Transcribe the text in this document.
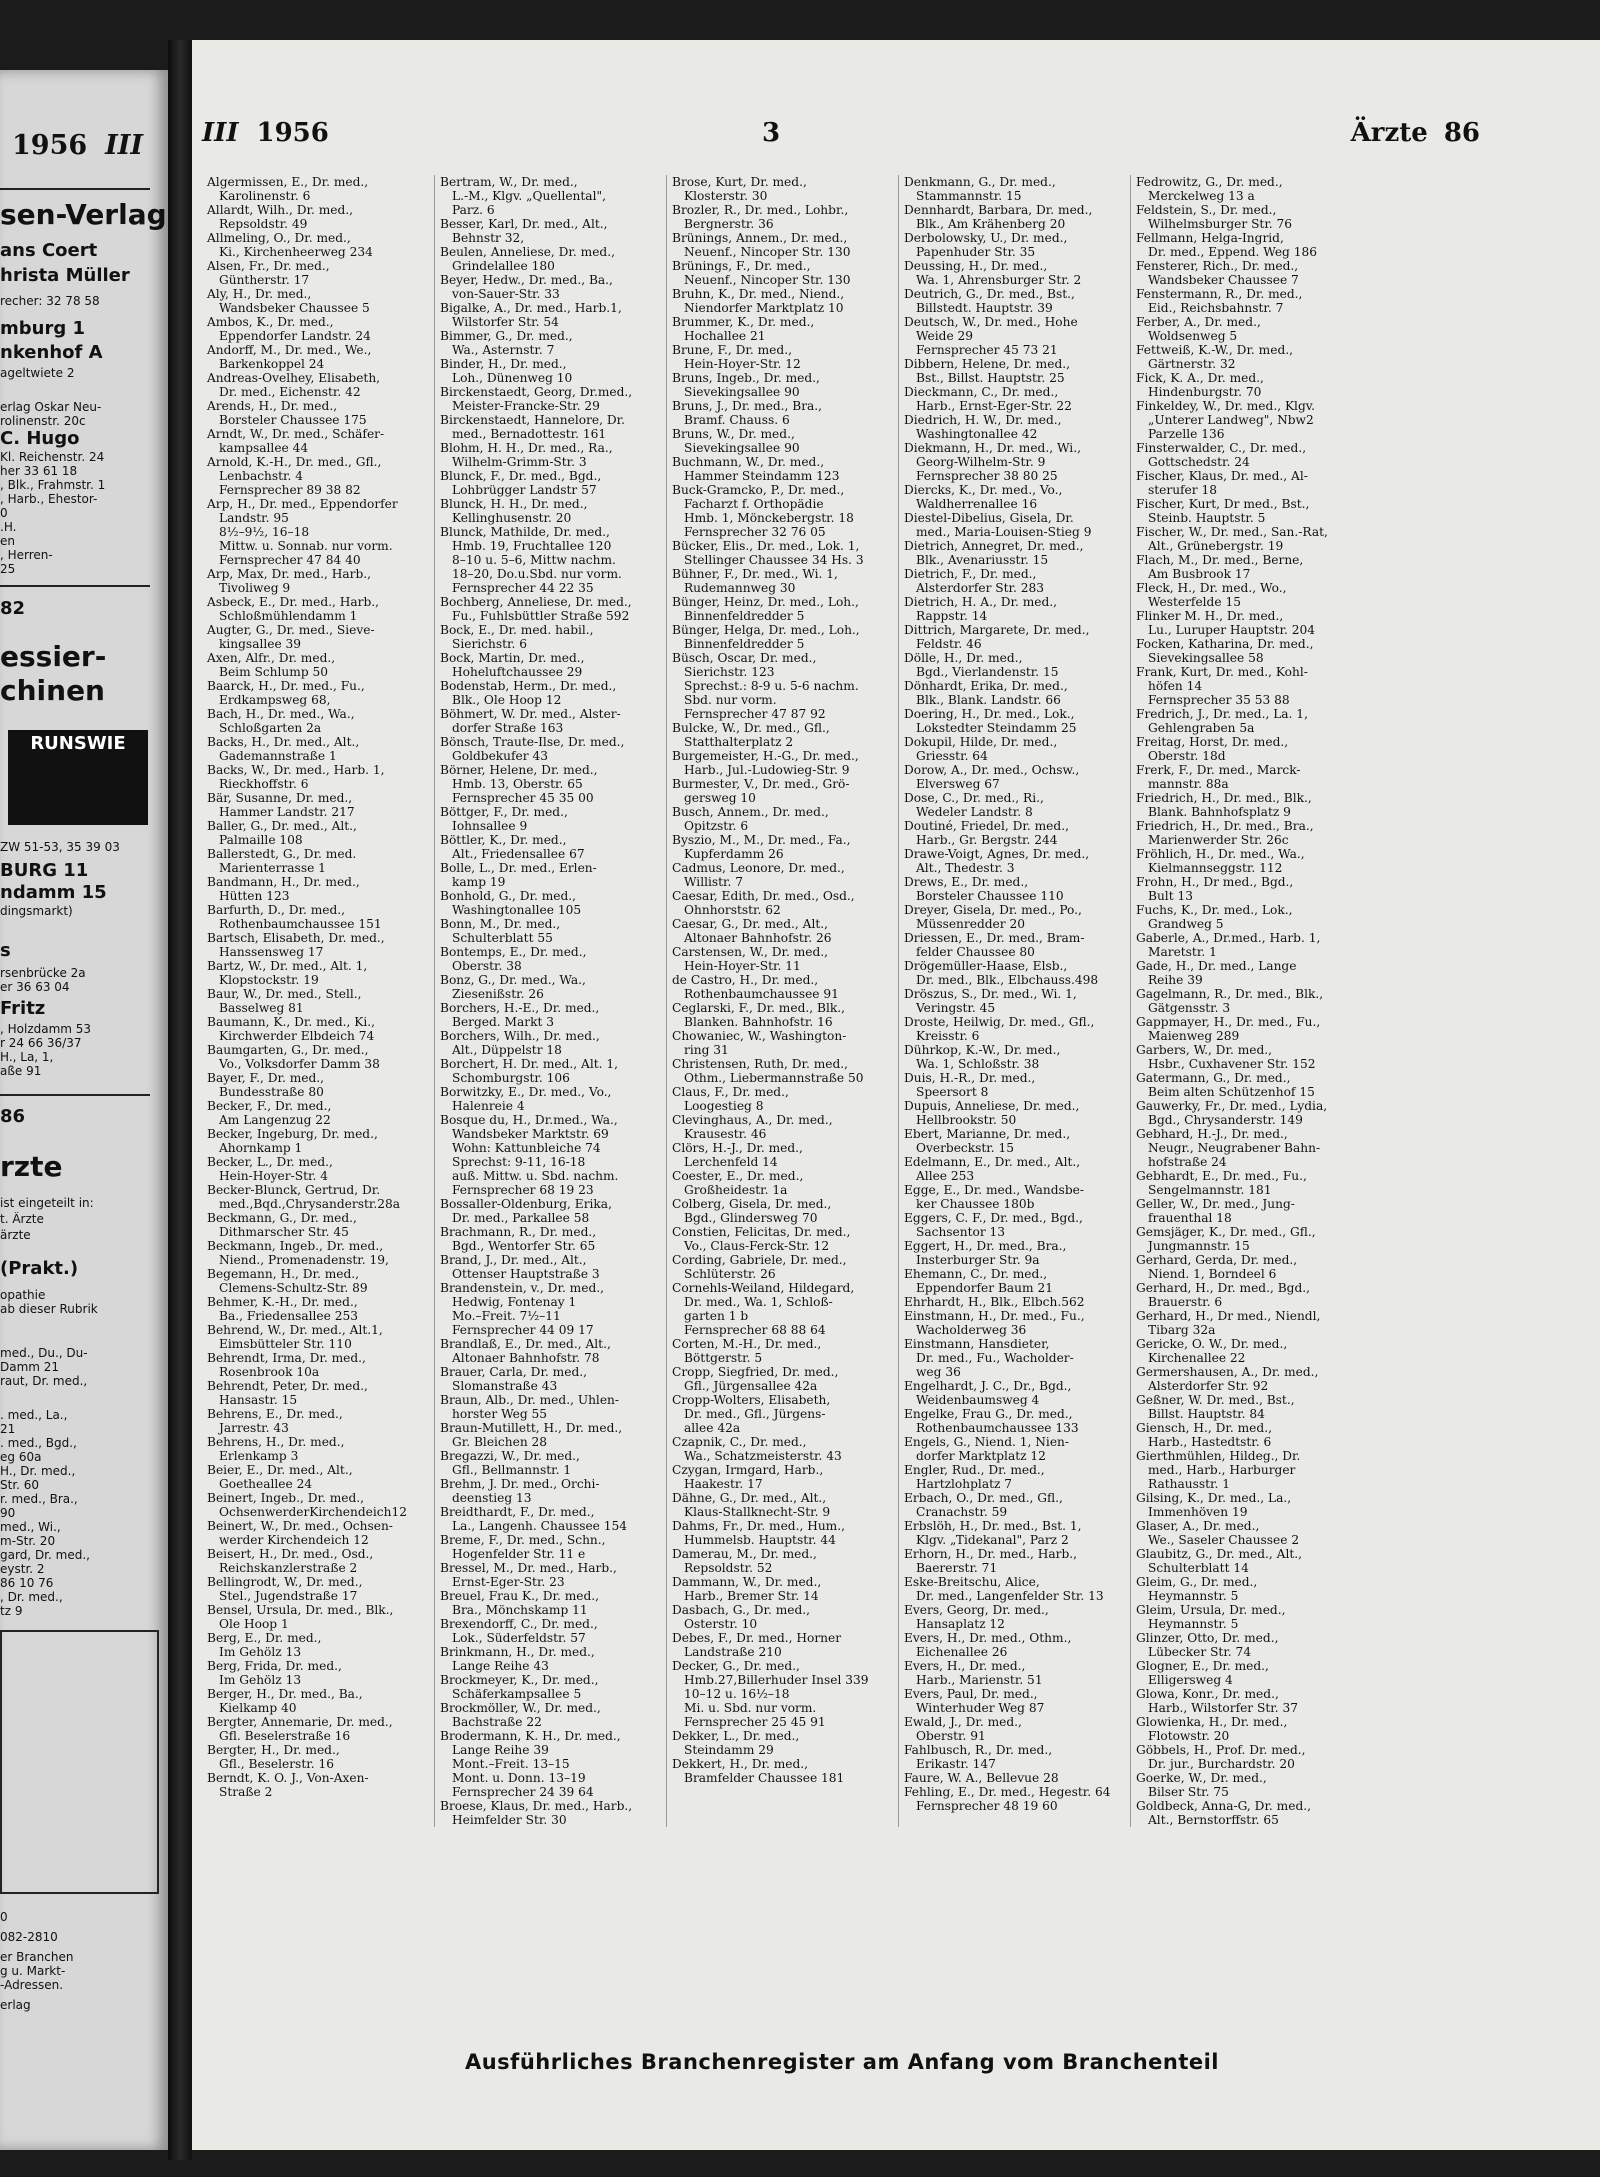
1956 III
sen-Verlag
ans Coert
hrista Müller
recher: 32 78 58
mburg 1
nkenhof A
ageltwiete 2
erlag Oskar Neu-
rolinenstr. 20c
C. Hugo
Kl. Reichenstr. 24
her 33 61 18
, Blk., Frahmstr. 1
, Harb., Ehestor-
0
.H.
en
, Herren-
25
82
essier-
chinen
RUNSWIE
ZW 51-53, 35 39 03
BURG 11
ndamm 15
dingsmarkt)
s
rsenbrücke 2a
er 36 63 04
Fritz
, Holzdamm 53
r 24 66 36/37
H., La, 1,
aße 91
86
rzte
ist eingeteilt in:
t. Ärzte
ärzte
(Prakt.)
opathie
ab dieser Rubrik
med., Du., Du-
Damm 21
raut, Dr. med.,
. med., La.,
21
. med., Bgd.,
eg 60a
H., Dr. med.,
Str. 60
r. med., Bra.,
90
med., Wi.,
m-Str. 20
gard, Dr. med.,
eystr. 2
86 10 76
, Dr. med.,
tz 9
0
082-2810
er Branchen
g u. Markt-
-Adressen.
erlag
III 1956	3	Ärzte 86
Algermissen, E., Dr. med.,
Karolinenstr. 6
Allardt, Wilh., Dr. med.,
Repsoldstr. 49
Allmeling, O., Dr. med.,
Ki., Kirchenheerweg 234
Alsen, Fr., Dr. med.,
Güntherstr. 17
Aly, H., Dr. med.,
Wandsbeker Chaussee 5
Ambos, K., Dr. med.,
Eppendorfer Landstr. 24
Andorff, M., Dr. med., We.,
Barkenkoppel 24
Andreas-Ovelhey, Elisabeth,
Dr. med., Eichenstr. 42
Arends, H., Dr. med.,
Borsteler Chaussee 175
Arndt, W., Dr. med., Schäfer-
kampsallee 44
Arnold, K.-H., Dr. med., Gfl.,
Lenbachstr. 4
Fernsprecher 89 38 82
Arp, H., Dr. med., Eppendorfer
Landstr. 95
8½–9½, 16–18
Mittw. u. Sonnab. nur vorm.
Fernsprecher 47 84 40
Arp, Max, Dr. med., Harb.,
Tivoliweg 9
Asbeck, E., Dr. med., Harb.,
Schloßmühlendamm 1
Augter, G., Dr. med., Sieve-
kingsallee 39
Axen, Alfr., Dr. med.,
Beim Schlump 50
Baarck, H., Dr. med., Fu.,
Erdkampsweg 68,
Bach, H., Dr. med., Wa.,
Schloßgarten 2a
Backs, H., Dr. med., Alt.,
Gademannstraße 1
Backs, W., Dr. med., Harb. 1,
Rieckhoffstr. 6
Bär, Susanne, Dr. med.,
Hammer Landstr. 217
Baller, G., Dr. med., Alt.,
Palmaille 108
Ballerstedt, G., Dr. med.
Marienterrasse 1
Bandmann, H., Dr. med.,
Hütten 123
Barfurth, D., Dr. med.,
Rothenbaumchaussee 151
Bartsch, Elisabeth, Dr. med.,
Hanssensweg 17
Bartz, W., Dr. med., Alt. 1,
Klopstockstr. 19
Baur, W., Dr. med., Stell.,
Basselweg 81
Baumann, K., Dr. med., Ki.,
Kirchwerder Elbdeich 74
Baumgarten, G., Dr. med.,
Vo., Volksdorfer Damm 38
Bayer, F., Dr. med.,
Bundesstraße 80
Becker, F., Dr. med.,
Am Langenzug 22
Becker, Ingeburg, Dr. med.,
Ahornkamp 1
Becker, L., Dr. med.,
Hein-Hoyer-Str. 4
Becker-Blunck, Gertrud, Dr.
med.,Bqd.,Chrysanderstr.28a
Beckmann, G., Dr. med.,
Dithmarscher Str. 45
Beckmann, Ingeb., Dr. med.,
Niend., Promenadenstr. 19,
Begemann, H., Dr. med.,
Clemens-Schultz-Str. 89
Behmer, K.-H., Dr. med.,
Ba., Friedensallee 253
Behrend, W., Dr. med., Alt.1,
Eimsbütteler Str. 110
Behrendt, Irma, Dr. med.,
Rosenbrook 10a
Behrendt, Peter, Dr. med.,
Hansastr. 15
Behrens, E., Dr. med.,
Jarrestr. 43
Behrens, H., Dr. med.,
Erlenkamp 3
Beier, E., Dr. med., Alt.,
Goetheallee 24
Beinert, Ingeb., Dr. med.,
OchsenwerderKirchendeich12
Beinert, W., Dr. med., Ochsen-
werder Kirchendeich 12
Beisert, H., Dr. med., Osd.,
Reichskanzlerstraße 2
Bellingrodt, W., Dr. med.,
Stel., Jugendstraße 17
Bensel, Ursula, Dr. med., Blk.,
Ole Hoop 1
Berg, E., Dr. med.,
Im Gehölz 13
Berg, Frida, Dr. med.,
Im Gehölz 13
Berger, H., Dr. med., Ba.,
Kielkamp 40
Bergter, Annemarie, Dr. med.,
Gfl. Beselerstraße 16
Bergter, H., Dr. med.,
Gfl., Beselerstr. 16
Berndt, K. O. J., Von-Axen-
Straße 2
Bertram, W., Dr. med.,
L.-M., Klgv. „Quellental",
Parz. 6
Besser, Karl, Dr. med., Alt.,
Behnstr 32,
Beulen, Anneliese, Dr. med.,
Grindelallee 180
Beyer, Hedw., Dr. med., Ba.,
von-Sauer-Str. 33
Bigalke, A., Dr. med., Harb.1,
Wilstorfer Str. 54
Bimmer, G., Dr. med.,
Wa., Asternstr. 7
Binder, H., Dr. med.,
Loh., Dünenweg 10
Birckenstaedt, Georg, Dr.med.,
Meister-Francke-Str. 29
Birckenstaedt, Hannelore, Dr.
med., Bernadottestr. 161
Blohm, H. H., Dr. med., Ra.,
Wilhelm-Grimm-Str. 3
Blunck, F., Dr. med., Bgd.,
Lohbrügger Landstr 57
Blunck, H. H., Dr. med.,
Kellinghusenstr. 20
Blunck, Mathilde, Dr. med.,
Hmb. 19, Fruchtallee 120
8–10 u. 5–6, Mittw nachm.
18–20, Do.u.Sbd. nur vorm.
Fernsprecher 44 22 35
Bochberg, Anneliese, Dr. med.,
Fu., Fuhlsbüttler Straße 592
Bock, E., Dr. med. habil.,
Sierichstr. 6
Bock, Martin, Dr. med.,
Hoheluftchaussee 29
Bodenstab, Herm., Dr. med.,
Blk., Ole Hoop 12
Böhmert, W. Dr. med., Alster-
dorfer Straße 163
Bönsch, Traute-Ilse, Dr. med.,
Goldbekufer 43
Börner, Helene, Dr. med.,
Hmb. 13, Oberstr. 65
Fernsprecher 45 35 00
Böttger, F., Dr. med.,
Iohnsallee 9
Böttler, K., Dr. med.,
Alt., Friedensallee 67
Bolle, L., Dr. med., Erlen-
kamp 19
Bonhold, G., Dr. med.,
Washingtonallee 105
Bonn, M., Dr. med.,
Schulterblatt 55
Bontemps, E., Dr. med.,
Oberstr. 38
Bonz, G., Dr. med., Wa.,
Ziesenißstr. 26
Borchers, H.-E., Dr. med.,
Berged. Markt 3
Borchers, Wilh., Dr. med.,
Alt., Düppelstr 18
Borchert, H. Dr. med., Alt. 1,
Schomburgstr. 106
Borwitzky, E., Dr. med., Vo.,
Halenreie 4
Bosque du, H., Dr.med., Wa.,
Wandsbeker Marktstr. 69
Wohn: Kattunbleiche 74
Sprechst: 9-11, 16-18
auß. Mittw. u. Sbd. nachm.
Fernsprecher 68 19 23
Bossaller-Oldenburg, Erika,
Dr. med., Parkallee 58
Brachmann, R., Dr. med.,
Bgd., Wentorfer Str. 65
Brand, J., Dr. med., Alt.,
Ottenser Hauptstraße 3
Brandenstein, v., Dr. med.,
Hedwig, Fontenay 1
Mo.–Freit. 7½–11
Fernsprecher 44 09 17
Brandlaß, E., Dr. med., Alt.,
Altonaer Bahnhofstr. 78
Brauer, Carla, Dr. med.,
Slomanstraße 43
Braun, Alb., Dr. med., Uhlen-
horster Weg 55
Braun-Mutillett, H., Dr. med.,
Gr. Bleichen 28
Bregazzi, W., Dr. med.,
Gfl., Bellmannstr. 1
Brehm, J. Dr. med., Orchi-
deenstieg 13
Breidthardt, F., Dr. med.,
La., Langenh. Chaussee 154
Breme, F., Dr. med., Schn.,
Hogenfelder Str. 11 e
Bressel, M., Dr. med., Harb.,
Ernst-Eger-Str. 23
Breuel, Frau K., Dr. med.,
Bra., Mönchskamp 11
Brexendorff, C., Dr. med.,
Lok., Süderfeldstr. 57
Brinkmann, H., Dr. med.,
Lange Reihe 43
Brockmeyer, K., Dr. med.,
Schäferkampsallee 5
Brockmöller, W., Dr. med.,
Bachstraße 22
Brodermann, K. H., Dr. med.,
Lange Reihe 39
Mont.–Freit. 13–15
Mont. u. Donn. 13–19
Fernsprecher 24 39 64
Broese, Klaus, Dr. med., Harb.,
Heimfelder Str. 30
Brose, Kurt, Dr. med.,
Klosterstr. 30
Brozler, R., Dr. med., Lohbr.,
Bergnerstr. 36
Brünings, Annem., Dr. med.,
Neuenf., Nincoper Str. 130
Brünings, F., Dr. med.,
Neuenf., Nincoper Str. 130
Bruhn, K., Dr. med., Niend.,
Niendorfer Marktplatz 10
Brummer, K., Dr. med.,
Hochallee 21
Brune, F., Dr. med.,
Hein-Hoyer-Str. 12
Bruns, Ingeb., Dr. med.,
Sievekingsallee 90
Bruns, J., Dr. med., Bra.,
Bramf. Chauss. 6
Bruns, W., Dr. med.,
Sievekingsallee 90
Buchmann, W., Dr. med.,
Hammer Steindamm 123
Buck-Gramcko, P., Dr. med.,
Facharzt f. Orthopädie
Hmb. 1, Mönckebergstr. 18
Fernsprecher 32 76 05
Bücker, Elis., Dr. med., Lok. 1,
Stellinger Chaussee 34 Hs. 3
Bühner, F., Dr. med., Wi. 1,
Rudemannweg 30
Bünger, Heinz, Dr. med., Loh.,
Binnenfeldredder 5
Bünger, Helga, Dr. med., Loh.,
Binnenfeldredder 5
Büsch, Oscar, Dr. med.,
Sierichstr. 123
Sprechst.: 8-9 u. 5-6 nachm.
Sbd. nur vorm.
Fernsprecher 47 87 92
Bulcke, W., Dr. med., Gfl.,
Statthalterplatz 2
Burgemeister, H.-G., Dr. med.,
Harb., Jul.-Ludowieg-Str. 9
Burmester, V., Dr. med., Grö-
gersweg 10
Busch, Annem., Dr. med.,
Opitzstr. 6
Byszio, M., M., Dr. med., Fa.,
Kupferdamm 26
Cadmus, Leonore, Dr. med.,
Willistr. 7
Caesar, Edith, Dr. med., Osd.,
Ohnhorststr. 62
Caesar, G., Dr. med., Alt.,
Altonaer Bahnhofstr. 26
Carstensen, W., Dr. med.,
Hein-Hoyer-Str. 11
de Castro, H., Dr. med.,
Rothenbaumchaussee 91
Ceglarski, F., Dr. med., Blk.,
Blanken. Bahnhofstr. 16
Chowaniec, W., Washington-
ring 31
Christensen, Ruth, Dr. med.,
Othm., Liebermannstraße 50
Claus, F., Dr. med.,
Loogestieg 8
Clevinghaus, A., Dr. med.,
Krausestr. 46
Clörs, H.-J., Dr. med.,
Lerchenfeld 14
Coester, E., Dr. med.,
Großheidestr. 1a
Colberg, Gisela, Dr. med.,
Bgd., Glindersweg 70
Constien, Felicitas, Dr. med.,
Vo., Claus-Ferck-Str. 12
Cording, Gabriele, Dr. med.,
Schlüterstr. 26
Cornehls-Weiland, Hildegard,
Dr. med., Wa. 1, Schloß-
garten 1 b
Fernsprecher 68 88 64
Corten, M.-H., Dr. med.,
Böttgerstr. 5
Cropp, Siegfried, Dr. med.,
Gfl., Jürgensallee 42a
Cropp-Wolters, Elisabeth,
Dr. med., Gfl., Jürgens-
allee 42a
Czapnik, C., Dr. med.,
Wa., Schatzmeisterstr. 43
Czygan, Irmgard, Harb.,
Haakestr. 17
Dähne, G., Dr. med., Alt.,
Klaus-Stallknecht-Str. 9
Dahms, Fr., Dr. med., Hum.,
Hummelsb. Hauptstr. 44
Damerau, M., Dr. med.,
Repsoldstr. 52
Dammann, W., Dr. med.,
Harb., Bremer Str. 14
Dasbach, G., Dr. med.,
Osterstr. 10
Debes, F., Dr. med., Horner
Landstraße 210
Decker, G., Dr. med.,
Hmb.27,Billerhuder Insel 339
10–12 u. 16½–18
Mi. u. Sbd. nur vorm.
Fernsprecher 25 45 91
Dekker, L., Dr. med.,
Steindamm 29
Dekkert, H., Dr. med.,
Bramfelder Chaussee 181
Denkmann, G., Dr. med.,
Stammannstr. 15
Dennhardt, Barbara, Dr. med.,
Blk., Am Krähenberg 20
Derbolowsky, U., Dr. med.,
Papenhuder Str. 35
Deussing, H., Dr. med.,
Wa. 1, Ahrensburger Str. 2
Deutrich, G., Dr. med., Bst.,
Billstedt. Hauptstr. 39
Deutsch, W., Dr. med., Hohe
Weide 29
Fernsprecher 45 73 21
Dibbern, Helene, Dr. med.,
Bst., Billst. Hauptstr. 25
Dieckmann, C., Dr. med.,
Harb., Ernst-Eger-Str. 22
Diedrich, H. W., Dr. med.,
Washingtonallee 42
Diekmann, H., Dr. med., Wi.,
Georg-Wilhelm-Str. 9
Fernsprecher 38 80 25
Diercks, K., Dr. med., Vo.,
Waldherrenallee 16
Diestel-Dibelius, Gisela, Dr.
med., Maria-Louisen-Stieg 9
Dietrich, Annegret, Dr. med.,
Blk., Avenariusstr. 15
Dietrich, F., Dr. med.,
Alsterdorfer Str. 283
Dietrich, H. A., Dr. med.,
Rappstr. 14
Dittrich, Margarete, Dr. med.,
Feldstr. 46
Dölle, H., Dr. med.,
Bgd., Vierlandenstr. 15
Dönhardt, Erika, Dr. med.,
Blk., Blank. Landstr. 66
Doering, H., Dr. med., Lok.,
Lokstedter Steindamm 25
Dokupil, Hilde, Dr. med.,
Griesstr. 64
Dorow, A., Dr. med., Ochsw.,
Elversweg 67
Dose, C., Dr. med., Ri.,
Wedeler Landstr. 8
Doutiné, Friedel, Dr. med.,
Harb., Gr. Bergstr. 244
Drawe-Voigt, Agnes, Dr. med.,
Alt., Thedestr. 3
Drews, E., Dr. med.,
Borsteler Chaussee 110
Dreyer, Gisela, Dr. med., Po.,
Müssenredder 20
Driessen, E., Dr. med., Bram-
felder Chaussee 80
Drögemüller-Haase, Elsb.,
Dr. med., Blk., Elbchauss.498
Dröszus, S., Dr. med., Wi. 1,
Veringstr. 45
Droste, Heilwig, Dr. med., Gfl.,
Kreisstr. 6
Dührkop, K.-W., Dr. med.,
Wa. 1, Schloßstr. 38
Duis, H.-R., Dr. med.,
Speersort 8
Dupuis, Anneliese, Dr. med.,
Hellbrookstr. 50
Ebert, Marianne, Dr. med.,
Overbeckstr. 15
Edelmann, E., Dr. med., Alt.,
Allee 253
Egge, E., Dr. med., Wandsbe-
ker Chaussee 180b
Eggers, C. F., Dr. med., Bgd.,
Sachsentor 13
Eggert, H., Dr. med., Bra.,
Insterburger Str. 9a
Ehemann, C., Dr. med.,
Eppendorfer Baum 21
Ehrhardt, H., Blk., Elbch.562
Einstmann, H., Dr. med., Fu.,
Wacholderweg 36
Einstmann, Hansdieter,
Dr. med., Fu., Wacholder-
weg 36
Engelhardt, J. C., Dr., Bgd.,
Weidenbaumsweg 4
Engelke, Frau G., Dr. med.,
Rothenbaumchaussee 133
Engels, G., Niend. 1, Nien-
dorfer Marktplatz 12
Engler, Rud., Dr. med.,
Hartzlohplatz 7
Erbach, O., Dr. med., Gfl.,
Cranachstr. 59
Erbslöh, H., Dr. med., Bst. 1,
Klgv. „Tidekanal", Parz 2
Erhorn, H., Dr. med., Harb.,
Baererstr. 71
Eske-Breitschu, Alice,
Dr. med., Langenfelder Str. 13
Evers, Georg, Dr. med.,
Hansaplatz 12
Evers, H., Dr. med., Othm.,
Eichenallee 26
Evers, H., Dr. med.,
Harb., Marienstr. 51
Evers, Paul, Dr. med.,
Winterhuder Weg 87
Ewald, J., Dr. med.,
Oberstr. 91
Fahlbusch, R., Dr. med.,
Erikastr. 147
Faure, W. A., Bellevue 28
Fehling, E., Dr. med., Hegestr. 64
Fernsprecher 48 19 60
Fedrowitz, G., Dr. med.,
Merckelweg 13 a
Feldstein, S., Dr. med.,
Wilhelmsburger Str. 76
Fellmann, Helga-Ingrid,
Dr. med., Eppend. Weg 186
Fensterer, Rich., Dr. med.,
Wandsbeker Chaussee 7
Fenstermann, R., Dr. med.,
Eid., Reichsbahnstr. 7
Ferber, A., Dr. med.,
Woldsenweg 5
Fettweiß, K.-W., Dr. med.,
Gärtnerstr. 32
Fick, K. A., Dr. med.,
Hindenburgstr. 70
Finkeldey, W., Dr. med., Klgv.
„Unterer Landweg", Nbw2
Parzelle 136
Finsterwalder, C., Dr. med.,
Gottschedstr. 24
Fischer, Klaus, Dr. med., Al-
sterufer 18
Fischer, Kurt, Dr med., Bst.,
Steinb. Hauptstr. 5
Fischer, W., Dr. med., San.-Rat,
Alt., Grünebergstr. 19
Flach, M., Dr. med., Berne,
Am Busbrook 17
Fleck, H., Dr. med., Wo.,
Westerfelde 15
Flinker M. H., Dr. med.,
Lu., Luruper Hauptstr. 204
Focken, Katharina, Dr. med.,
Sievekingsallee 58
Frank, Kurt, Dr. med., Kohl-
höfen 14
Fernsprecher 35 53 88
Fredrich, J., Dr. med., La. 1,
Gehlengraben 5a
Freitag, Horst, Dr. med.,
Oberstr. 18d
Frerk, F., Dr. med., Marck-
mannstr. 88a
Friedrich, H., Dr. med., Blk.,
Blank. Bahnhofsplatz 9
Friedrich, H., Dr. med., Bra.,
Marienwerder Str. 26c
Fröhlich, H., Dr. med., Wa.,
Kielmannseggstr. 112
Frohn, H., Dr med., Bgd.,
Bult 13
Fuchs, K., Dr. med., Lok.,
Grandweg 5
Gaberle, A., Dr.med., Harb. 1,
Maretstr. 1
Gade, H., Dr. med., Lange
Reihe 39
Gagelmann, R., Dr. med., Blk.,
Gätgensstr. 3
Gappmayer, H., Dr. med., Fu.,
Maienweg 289
Garbers, W., Dr. med.,
Hsbr., Cuxhavener Str. 152
Gatermann, G., Dr. med.,
Beim alten Schützenhof 15
Gauwerky, Fr., Dr. med., Lydia,
Bgd., Chrysanderstr. 149
Gebhard, H.-J., Dr. med.,
Neugr., Neugrabener Bahn-
hofstraße 24
Gebhardt, E., Dr. med., Fu.,
Sengelmannstr. 181
Geller, W., Dr. med., Jung-
frauenthal 18
Gemsjäger, K., Dr. med., Gfl.,
Jungmannstr. 15
Gerhard, Gerda, Dr. med.,
Niend. 1, Borndeel 6
Gerhard, H., Dr. med., Bgd.,
Brauerstr. 6
Gerhard, H., Dr med., Niendl,
Tibarg 32a
Gericke, O. W., Dr. med.,
Kirchenallee 22
Germershausen, A., Dr. med.,
Alsterdorfer Str. 92
Geßner, W. Dr. med., Bst.,
Billst. Hauptstr. 84
Giensch, H., Dr. med.,
Harb., Hastedtstr. 6
Gierthmühlen, Hildeg., Dr.
med., Harb., Harburger
Rathausstr. 1
Gilsing, K., Dr. med., La.,
Immenhöven 19
Glaser, A., Dr. med.,
We., Saseler Chaussee 2
Glaubitz, G., Dr. med., Alt.,
Schulterblatt 14
Gleim, G., Dr. med.,
Heymannstr. 5
Gleim, Ursula, Dr. med.,
Heymannstr. 5
Glinzer, Otto, Dr. med.,
Lübecker Str. 74
Glogner, E., Dr. med.,
Elligersweg 4
Glowa, Konr., Dr. med.,
Harb., Wilstorfer Str. 37
Glowienka, H., Dr. med.,
Flotowstr. 20
Göbbels, H., Prof. Dr. med.,
Dr. jur., Burchardstr. 20
Goerke, W., Dr. med.,
Bilser Str. 75
Goldbeck, Anna-G, Dr. med.,
Alt., Bernstorffstr. 65
Ausführliches Branchenregister am Anfang vom Branchenteil
